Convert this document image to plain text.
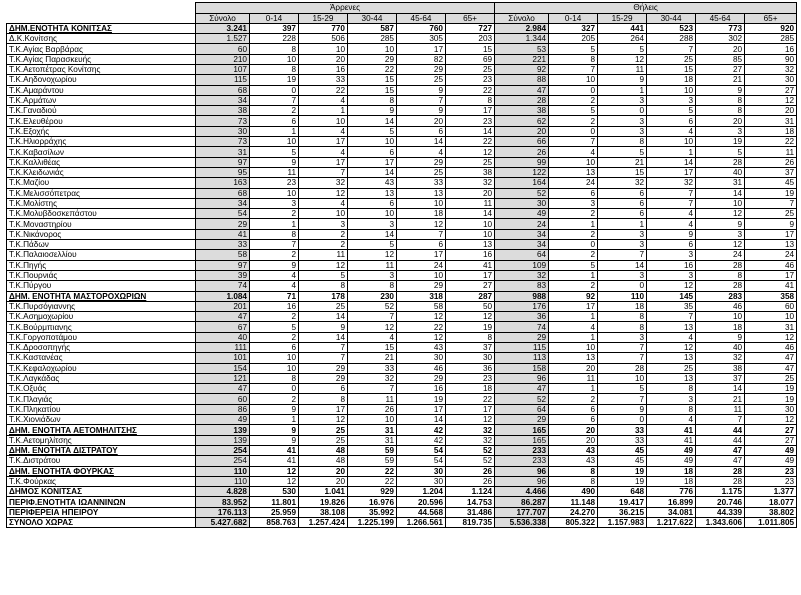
	Άρρενες						Θήλεις					
	Σύνολο	0-14	15-29	30-44	45-64	65+	Σύνολο	0-14	15-29	30-44	45-64	65+
ΔΗΜ.ΕΝΟΤΗΤΑ ΚΟΝΙΤΣΑΣ	3.241	397	770	587	760	727	2.984	327	441	523	773	920
Δ.Κ.Κονίτσης	1.527	228	506	285	305	203	1.344	205	264	288	302	285
Τ.Κ.Αγίας Βαρβάρας	60	8	10	10	17	15	53	5	5	7	20	16
Τ.Κ.Αγίας Παρασκευής	210	10	20	29	82	69	221	8	12	25	85	90
Τ.Κ.Αετοπέτρας Κονίτσης	107	8	16	22	29	25	92	7	11	15	27	32
Τ.Κ.Αηδονοχωρίου	115	19	33	15	25	23	88	10	9	18	21	30
Τ.Κ.Αμαράντου	68	0	22	15	9	22	47	0	1	10	9	27
Τ.Κ.Αρμάτων	34	7	4	8	7	8	28	2	3	3	8	12
Τ.Κ.Γαναδιού	38	2	1	9	9	17	38	5	0	5	8	20
Τ.Κ.Ελευθέρου	73	6	10	14	20	23	62	2	3	6	20	31
Τ.Κ.Εξοχής	30	1	4	5	6	14	20	0	3	4	3	18
Τ.Κ.Ηλιορράχης	73	10	17	10	14	22	66	7	8	10	19	22
Τ.Κ.Καβασίλων	31	5	4	6	4	12	26	4	5	1	5	11
Τ.Κ.Καλλιθέας	97	9	17	17	29	25	99	10	21	14	28	26
Τ.Κ.Κλειδωνιάς	95	11	7	14	25	38	122	13	15	17	40	37
Τ.Κ.Μαζίου	163	23	32	43	33	32	164	24	32	32	31	45
Τ.Κ.Μελισσόπετρας	68	10	12	13	13	20	52	6	6	7	14	19
Τ.Κ.Μολίστης	34	3	4	6	10	11	30	3	6	7	10	7
Τ.Κ.Μολυβδοσκεπάστου	54	2	10	10	18	14	49	2	6	4	12	25
Τ.Κ.Μοναστηρίου	29	1	3	3	12	10	24	1	1	4	9	9
Τ.Κ.Νικάνορος	41	8	2	14	7	10	34	2	3	9	3	17
Τ.Κ.Πάδων	33	7	2	5	6	13	34	0	3	6	12	13
Τ.Κ.Παλαιοσελλίου	58	2	11	12	17	16	64	2	7	3	24	24
Τ.Κ.Πηγής	97	9	12	11	24	41	109	5	14	16	28	46
Τ.Κ.Πουρνιάς	39	4	5	3	10	17	32	1	3	3	8	17
Τ.Κ.Πύργου	74	4	8	8	29	27	83	2	0	12	28	41
ΔΗΜ. ΕΝΟΤΗΤΑ ΜΑΣΤΟΡΟΧΩΡΙΩΝ	1.084	71	178	230	318	287	988	92	110	145	283	358
Τ.Κ.Πυρσόγιαννης	201	16	25	52	58	50	176	17	18	35	46	60
Τ.Κ.Ασημοχωρίου	47	2	14	7	12	12	36	1	8	7	10	10
Τ.Κ.Βούρμπιανης	67	5	9	12	22	19	74	4	8	13	18	31
Τ.Κ.Γοργοποτάμου	40	2	14	4	12	8	29	1	3	4	9	12
Τ.Κ.Δροσοπηγής	111	6	7	15	43	37	115	10	7	12	40	46
Τ.Κ.Καστανέας	101	10	7	21	30	30	113	13	7	13	32	47
Τ.Κ.Κεφαλοχωρίου	154	10	29	33	46	36	158	20	28	25	38	47
Τ.Κ.Λαγκάδας	121	8	29	32	29	23	96	11	10	13	37	25
Τ.Κ.Οξυάς	47	0	6	7	16	18	47	1	5	8	14	19
Τ.Κ.Πλαγιάς	60	2	8	11	19	22	52	2	7	3	21	19
Τ.Κ.Πληκατίου	86	9	17	26	17	17	64	6	9	8	11	30
Τ.Κ.Χιονιάδων	49	1	12	10	14	12	29	6	0	4	7	12
ΔΗΜ. ΕΝΟΤΗΤΑ ΑΕΤΟΜΗΛΙΤΣΗΣ	139	9	25	31	42	32	165	20	33	41	44	27
Τ.Κ.Αετομηλίτσης	139	9	25	31	42	32	165	20	33	41	44	27
ΔΗΜ. ΕΝΟΤΗΤΑ ΔΙΣΤΡΑΤΟΥ	254	41	48	59	54	52	233	43	45	49	47	49
Τ.Κ.Διστράτου	254	41	48	59	54	52	233	43	45	49	47	49
ΔΗΜ. ΕΝΟΤΗΤΑ ΦΟΥΡΚΑΣ	110	12	20	22	30	26	96	8	19	18	28	23
Τ.Κ.Φούρκας	110	12	20	22	30	26	96	8	19	18	28	23
ΔΗΜΟΣ ΚΟΝΙΤΣΑΣ	4.828	530	1.041	929	1.204	1.124	4.466	490	648	776	1.175	1.377
ΠΕΡΙΦ.ΕΝΟΤΗΤΑ ΙΩΑΝΝΙΝΩΝ	83.952	11.801	19.826	16.976	20.596	14.753	86.287	11.148	19.417	16.899	20.746	18.077
ΠΕΡΙΦΕΡΕΙΑ ΗΠΕΙΡΟΥ	176.113	25.959	38.108	35.992	44.568	31.486	177.707	24.270	36.215	34.081	44.339	38.802
ΣΥΝΟΛΟ ΧΩΡΑΣ	5.427.682	858.763	1.257.424	1.225.199	1.266.561	819.735	5.536.338	805.322	1.157.983	1.217.622	1.343.606	1.011.805
